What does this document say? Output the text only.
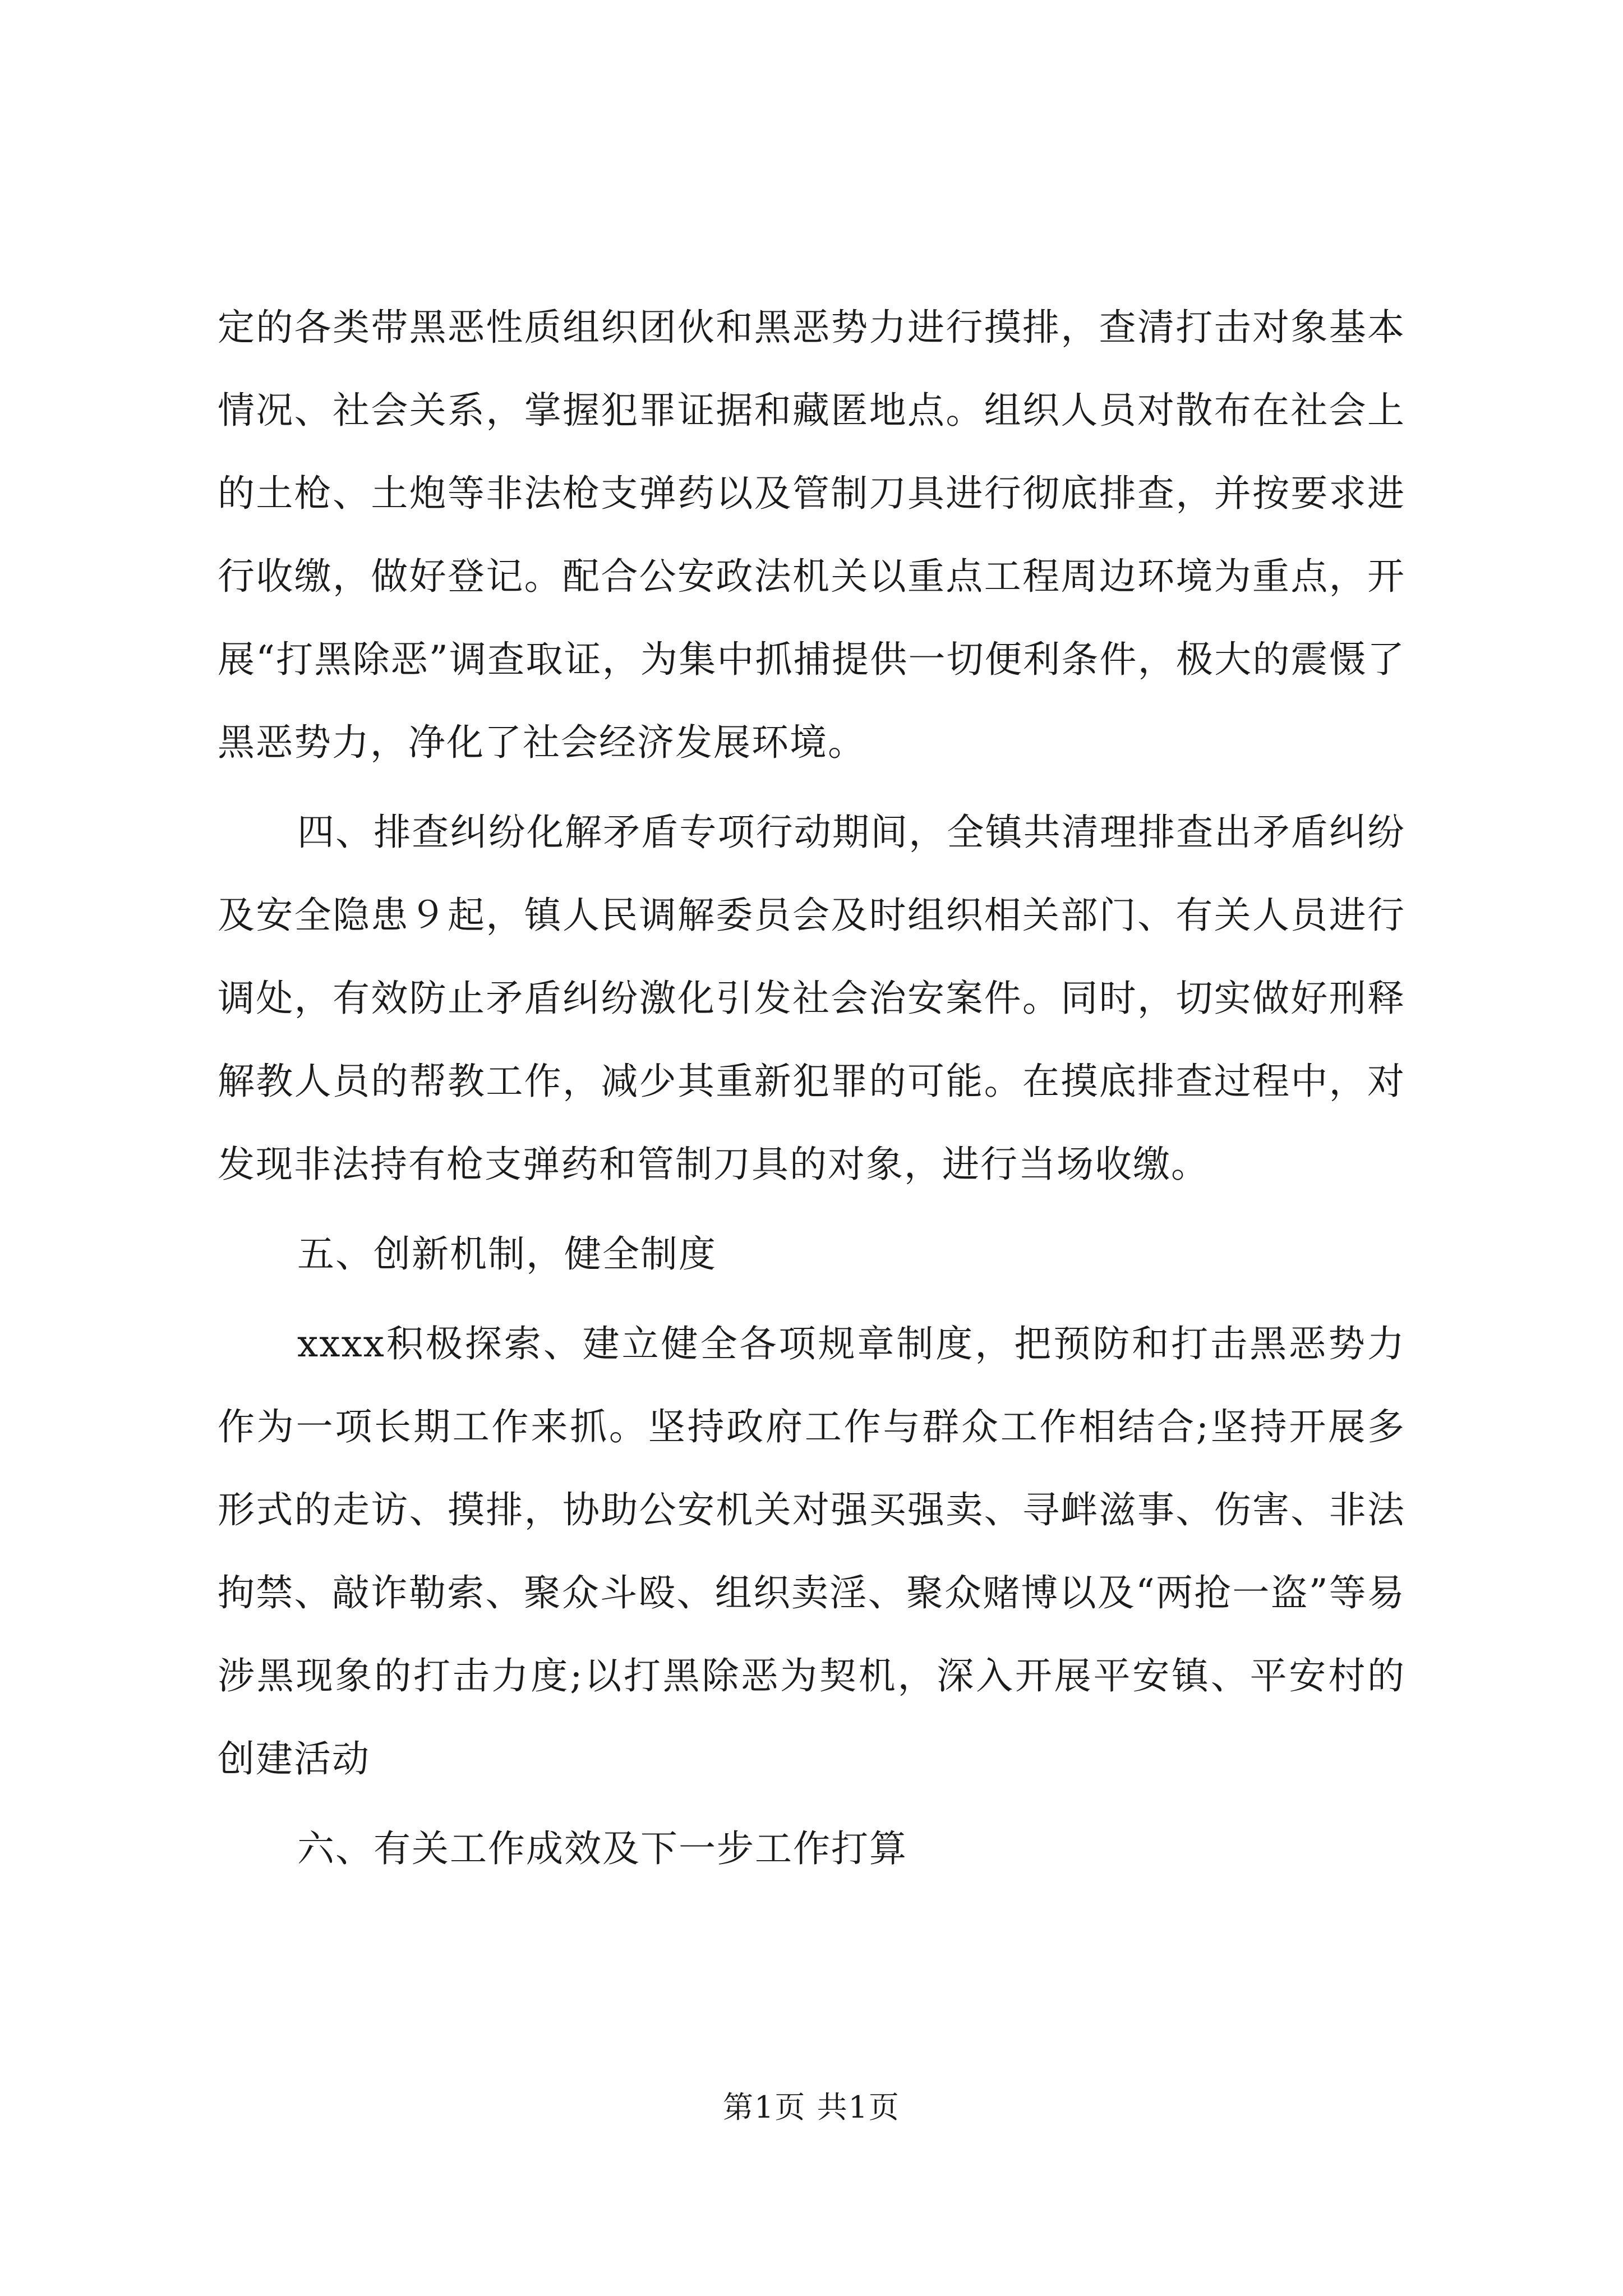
定的各类带黑恶性质组织团伙和黑恶势力进行摸排，查清打击对象基本情况、社会关系，掌握犯罪证据和藏匿地点。组织人员对散布在社会上的土枪、土炮等非法枪支弹药以及管制刀具进行彻底排查，并按要求进行收缴，做好登记。配合公安政法机关以重点工程周边环境为重点，开展“打黑除恶”调查取证，为集中抓捕提供一切便利条件，极大的震慑了黑恶势力，净化了社会经济发展环境。

四、排查纠纷化解矛盾专项行动期间，全镇共清理排查出矛盾纠纷及安全隐患９起，镇人民调解委员会及时组织相关部门、有关人员进行调处，有效防止矛盾纠纷激化引发社会治安案件。同时，切实做好刑释解教人员的帮教工作，减少其重新犯罪的可能。在摸底排查过程中，对发现非法持有枪支弹药和管制刀具的对象，进行当场收缴。

五、创新机制，健全制度

xxxx积极探索、建立健全各项规章制度，把预防和打击黑恶势力作为一项长期工作来抓。坚持政府工作与群众工作相结合;坚持开展多形式的走访、摸排，协助公安机关对强买强卖、寻衅滋事、伤害、非法拘禁、敲诈勒索、聚众斗殴、组织卖淫、聚众赌博以及“两抢一盗”等易涉黑现象的打击力度;以打黑除恶为契机，深入开展平安镇、平安村的创建活动

六、有关工作成效及下一步工作打算

第1页 共1页
